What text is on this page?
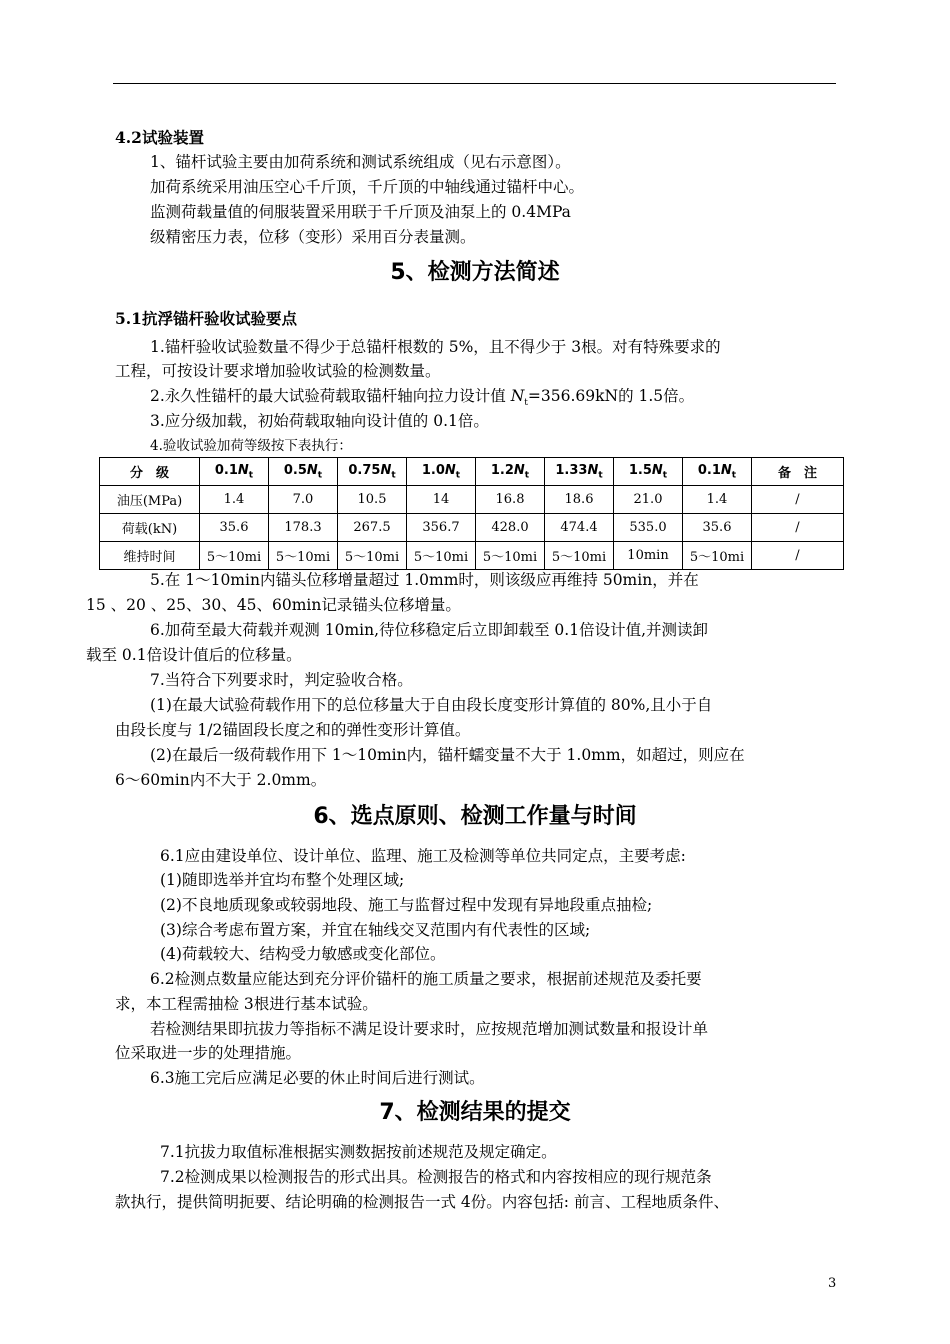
4.2试验装置
1、锚杆试验主要由加荷系统和测试系统组成（见右示意图）。
加荷系统采用油压空心千斤顶，千斤顶的中轴线通过锚杆中心。
监测荷载量值的伺服装置采用联于千斤顶及油泵上的 0.4MPa
级精密压力表，位移（变形）采用百分表量测。
5、检测方法简述
5.1抗浮锚杆验收试验要点
1.锚杆验收试验数量不得少于总锚杆根数的 5%，且不得少于 3根。对有特殊要求的
工程，可按设计要求增加验收试验的检测数量。
2.永久性锚杆的最大试验荷载取锚杆轴向拉力设计值 $N_t=356.69kN$的 1.5倍。
3.应分级加载，初始荷载取轴向设计值的 0.1倍。
4.验收试验加荷等级按下表执行：
分　级	$0.1N_t$	$0.5N_t$	$0.75N_t$	$1.0N_t$	$1.2N_t$	$1.33N_t$	$1.5N_t$	$0.1N_t$	备　注
油压(MPa)	1.4	7.0	10.5	14	16.8	18.6	21.0	1.4	/
荷载(kN)	35.6	178.3	267.5	356.7	428.0	474.4	535.0	35.6	/
维持时间	5～10mi	5～10mi	5～10mi	5～10mi	5～10mi	5～10mi	10min	5～10mi	/
5.在 1～10min内锚头位移增量超过 1.0mm时，则该级应再维持 50min，并在
15 、20 、25、30、45、60min记录锚头位移增量。
6.加荷至最大荷载并观测 10min,待位移稳定后立即卸载至 0.1倍设计值,并测读卸
载至 0.1倍设计值后的位移量。
7.当符合下列要求时，判定验收合格。
(1)在最大试验荷载作用下的总位移量大于自由段长度变形计算值的 80%,且小于自
由段长度与 1/2锚固段长度之和的弹性变形计算值。
(2)在最后一级荷载作用下 1～10min内，锚杆蠕变量不大于 1.0mm，如超过，则应在
6～60min内不大于 2.0mm。
6、选点原则、检测工作量与时间
6.1应由建设单位、设计单位、监理、施工及检测等单位共同定点，主要考虑:
(1)随即选举并宜均布整个处理区域;
(2)不良地质现象或较弱地段、施工与监督过程中发现有异地段重点抽检;
(3)综合考虑布置方案，并宜在轴线交叉范围内有代表性的区域;
(4)荷载较大、结构受力敏感或变化部位。
6.2检测点数量应能达到充分评价锚杆的施工质量之要求，根据前述规范及委托要
求，本工程需抽检 3根进行基本试验。
若检测结果即抗拔力等指标不满足设计要求时，应按规范增加测试数量和报设计单
位采取进一步的处理措施。
6.3施工完后应满足必要的休止时间后进行测试。
7、检测结果的提交
7.1抗拔力取值标准根据实测数据按前述规范及规定确定。
7.2检测成果以检测报告的形式出具。检测报告的格式和内容按相应的现行规范条
款执行，提供简明扼要、结论明确的检测报告一式 4份。内容包括: 前言、工程地质条件、
3
